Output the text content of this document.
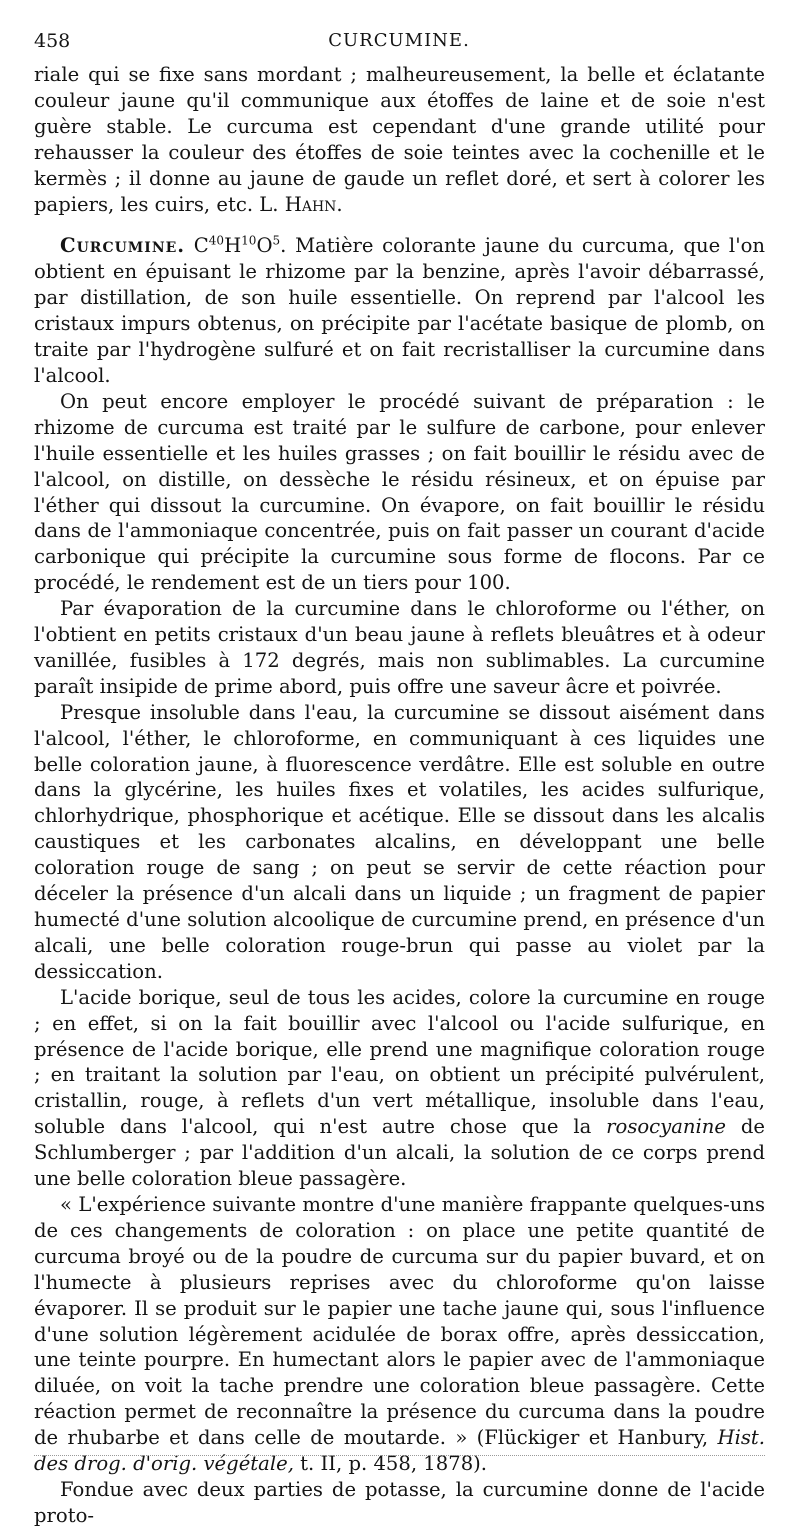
458	CURCUMINE.

riale qui se fixe sans mordant ; malheureusement, la belle et éclatante couleur jaune qu'il communique aux étoffes de laine et de soie n'est guère stable. Le curcuma est cependant d'une grande utilité pour rehausser la couleur des étoffes de soie teintes avec la cochenille et le kermès ; il donne au jaune de gaude un reflet doré, et sert à colorer les papiers, les cuirs, etc. L. Hahn.

Curcumine. $C^{40}H^{10}O^5$. Matière colorante jaune du curcuma, que l'on obtient en épuisant le rhizome par la benzine, après l'avoir débarrassé, par distillation, de son huile essentielle. On reprend par l'alcool les cristaux impurs obtenus, on précipite par l'acétate basique de plomb, on traite par l'hydrogène sulfuré et on fait recristalliser la curcumine dans l'alcool.

On peut encore employer le procédé suivant de préparation : le rhizome de curcuma est traité par le sulfure de carbone, pour enlever l'huile essentielle et les huiles grasses ; on fait bouillir le résidu avec de l'alcool, on distille, on dessèche le résidu résineux, et on épuise par l'éther qui dissout la curcumine. On évapore, on fait bouillir le résidu dans de l'ammoniaque concentrée, puis on fait passer un courant d'acide carbonique qui précipite la curcumine sous forme de flocons. Par ce procédé, le rendement est de un tiers pour 100.

Par évaporation de la curcumine dans le chloroforme ou l'éther, on l'obtient en petits cristaux d'un beau jaune à reflets bleuâtres et à odeur vanillée, fusibles à 172 degrés, mais non sublimables. La curcumine paraît insipide de prime abord, puis offre une saveur âcre et poivrée.

Presque insoluble dans l'eau, la curcumine se dissout aisément dans l'alcool, l'éther, le chloroforme, en communiquant à ces liquides une belle coloration jaune, à fluorescence verdâtre. Elle est soluble en outre dans la glycérine, les huiles fixes et volatiles, les acides sulfurique, chlorhydrique, phosphorique et acétique. Elle se dissout dans les alcalis caustiques et les carbonates alcalins, en développant une belle coloration rouge de sang ; on peut se servir de cette réaction pour déceler la présence d'un alcali dans un liquide ; un fragment de papier humecté d'une solution alcoolique de curcumine prend, en présence d'un alcali, une belle coloration rouge-brun qui passe au violet par la dessiccation.

L'acide borique, seul de tous les acides, colore la curcumine en rouge ; en effet, si on la fait bouillir avec l'alcool ou l'acide sulfurique, en présence de l'acide borique, elle prend une magnifique coloration rouge ; en traitant la solution par l'eau, on obtient un précipité pulvérulent, cristallin, rouge, à reflets d'un vert métallique, insoluble dans l'eau, soluble dans l'alcool, qui n'est autre chose que la rosocyanine de Schlumberger ; par l'addition d'un alcali, la solution de ce corps prend une belle coloration bleue passagère.

« L'expérience suivante montre d'une manière frappante quelques-uns de ces changements de coloration : on place une petite quantité de curcuma broyé ou de la poudre de curcuma sur du papier buvard, et on l'humecte à plusieurs reprises avec du chloroforme qu'on laisse évaporer. Il se produit sur le papier une tache jaune qui, sous l'influence d'une solution légèrement acidulée de borax offre, après dessiccation, une teinte pourpre. En humectant alors le papier avec de l'ammoniaque diluée, on voit la tache prendre une coloration bleue passagère. Cette réaction permet de reconnaître la présence du curcuma dans la poudre de rhubarbe et dans celle de moutarde. » (Flückiger et Hanbury, Hist. des drog. d'orig. végétale, t. II, p. 458, 1878).

Fondue avec deux parties de potasse, la curcumine donne de l'acide proto-
